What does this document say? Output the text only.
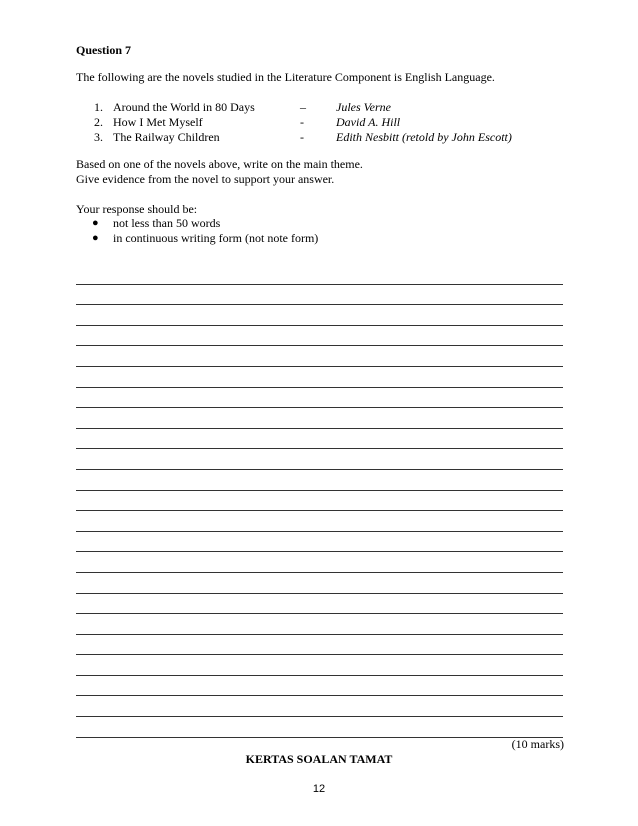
Question 7
The following are the novels studied in the Literature Component is English Language.
1. Around the World in 80 Days	–	Jules Verne
2. How I Met Myself	-	David A. Hill
3. The Railway Children	-	Edith Nesbitt (retold by John Escott)
Based on one of the novels above, write on the main theme.
Give evidence from the novel to support your answer.
Your response should be:
● not less than 50 words
● in continuous writing form (not note form)
(10 marks)
KERTAS SOALAN TAMAT
12
